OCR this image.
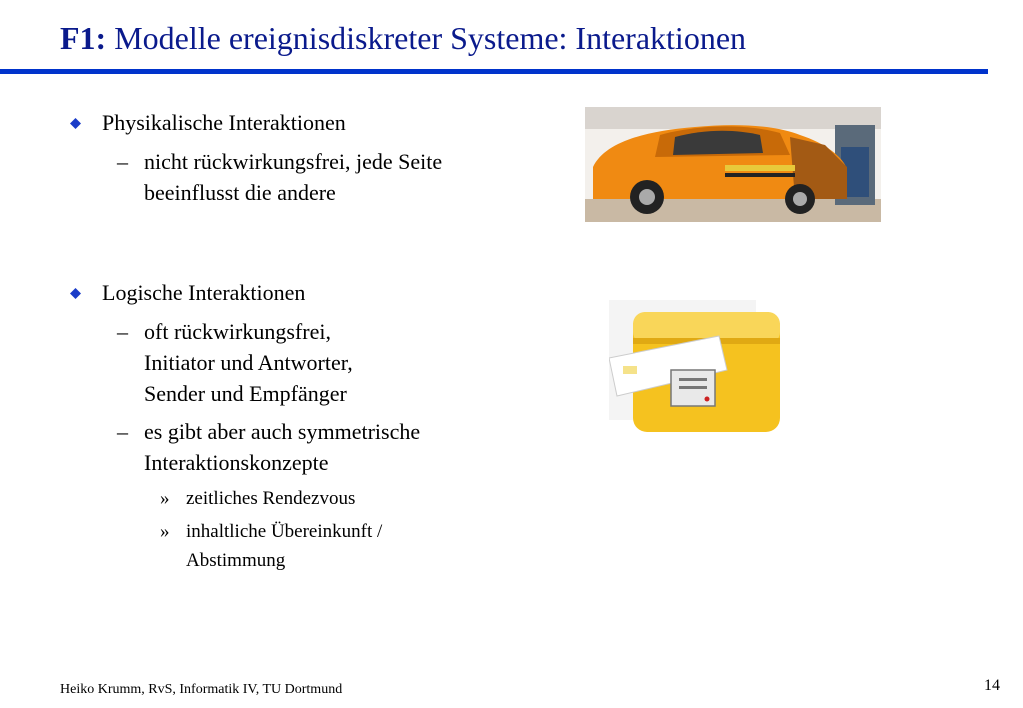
F1: Modelle ereignisdiskreter Systeme: Interaktionen
Physikalische Interaktionen
– nicht rückwirkungsfrei, jede Seite
beeinflusst die andere
Logische Interaktionen
– oft rückwirkungsfrei,
Initiator und Antworter,
Sender und Empfänger
– es gibt aber auch symmetrische
Interaktionskonzepte
» zeitliches Rendezvous
» inhaltliche Übereinkunft /
Abstimmung
Heiko Krumm, RvS, Informatik IV, TU Dortmund	14
